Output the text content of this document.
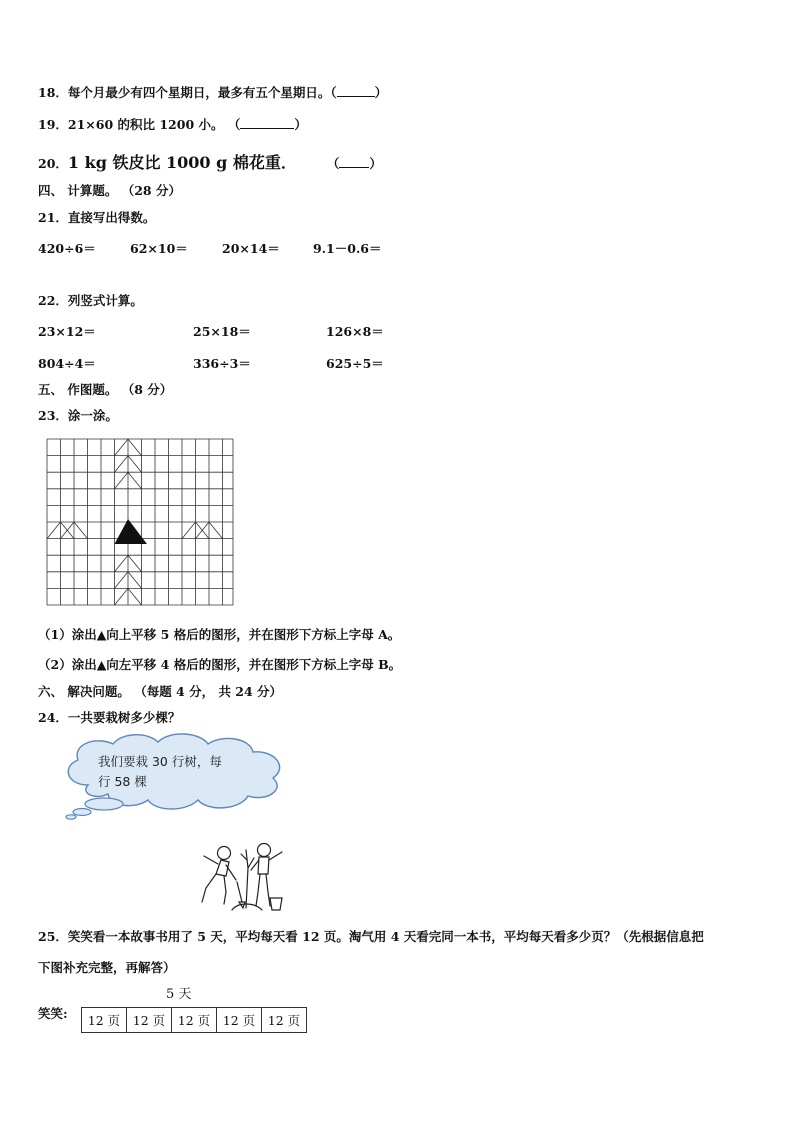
18．每个月最少有四个星期日，最多有五个星期日。（	）
19．21×60 的积比 1200 小。 （	）
20．1 kg 铁皮比 1000 g 棉花重． （ ）
四、 计算题。 （28 分）
21．直接写出得数。
420÷6＝	62×10＝	20×14＝	9.1－0.6＝
22．列竖式计算。
23×12＝	25×18＝	126×8＝
804÷4＝	336÷3＝	625÷5＝
五、 作图题。 （8 分）
23．涂一涂。
（1）涂出▲向上平移 5 格后的图形，并在图形下方标上字母 A。
（2）涂出▲向左平移 4 格后的图形，并在图形下方标上字母 B。
六、 解决问题。 （每题 4 分， 共 24 分）
24．一共要栽树多少棵？
我们要栽 30 行树，每
行 58 棵
25．笑笑看一本故事书用了 5 天，平均每天看 12 页。淘气用 4 天看完同一本书，平均每天看多少页？（先根据信息把
下图补充完整，再解答）
5 天
笑笑: 12 页	12 页	12 页	12 页	12 页
